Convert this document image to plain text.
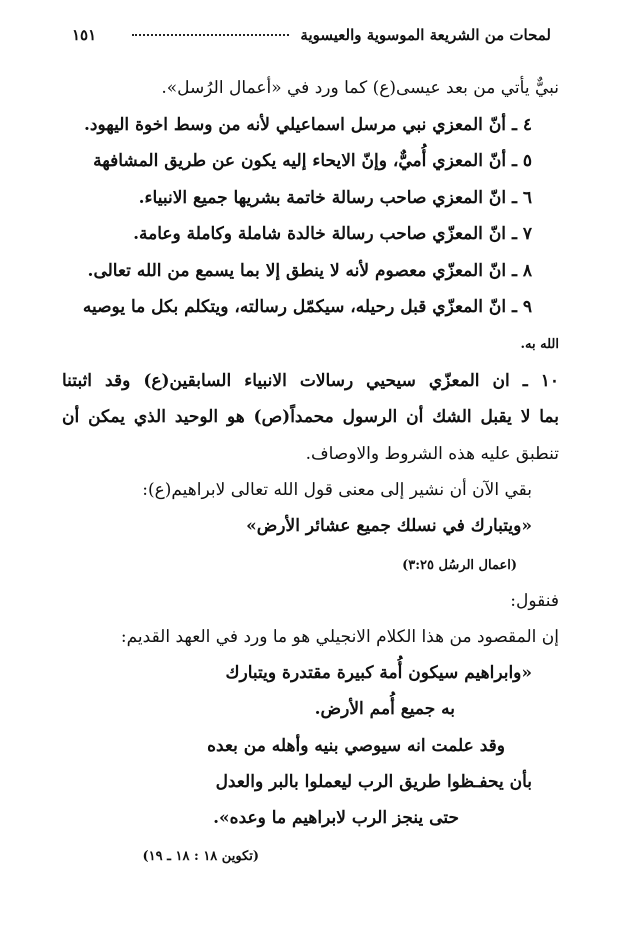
لمحات من الشريعة الموسوية والعيسوية
١٥١
نبيٌّ يأتي من بعد عيسى(ع) كما ورد في «أعمال الرُسل».
٤ ـ أنّ المعزي نبي مرسل اسماعيلي لأنه من وسط اخوة اليهود.
٥ ـ أنّ المعزي أُميٌّ، وإنّ الايحاء إليه يكون عن طريق المشافهة
٦ ـ انّ المعزي صاحب رسالة خاتمة بشريها جميع الانبياء.
٧ ـ انّ المعزّي صاحب رسالة خالدة شاملة وكاملة وعامة.
٨ ـ انّ المعزّي معصوم لأنه لا ينطق إلا بما يسمع من الله تعالى.
٩ ـ انّ المعزّي قبل رحيله، سيكمّل رسالته، ويتكلم بكل ما يوصيه
الله به.
١٠ ـ ان المعزّي سيحيي رسالات الانبياء السابقين(ع) وقد اثبتنا
بما لا يقبل الشك أن الرسول محمداً(ص) هو الوحيد الذي يمكن أن
تنطبق عليه هذه الشروط والاوصاف.
بقي الآن أن نشير إلى معنى قول الله تعالى لابراهيم(ع):
«ويتبارك في نسلك جميع عشائر الأرض»
(اعمال الرسُل ٣:٢٥)
فنقول:
إن المقصود من هذا الكلام الانجيلي هو ما ورد في العهد القديم:
«وابراهيم سيكون أُمة كبيرة مقتدرة ويتبارك
به جميع أُمم الأرض.
وقد علمت انه سيوصي بنيه وأهله من بعده
بأن يحفـظوا طريق الرب ليعملوا بالبر والعدل
حتى ينجز الرب لابراهيم ما وعده».
(تكوين ١٨ : ١٨ ـ ١٩)
